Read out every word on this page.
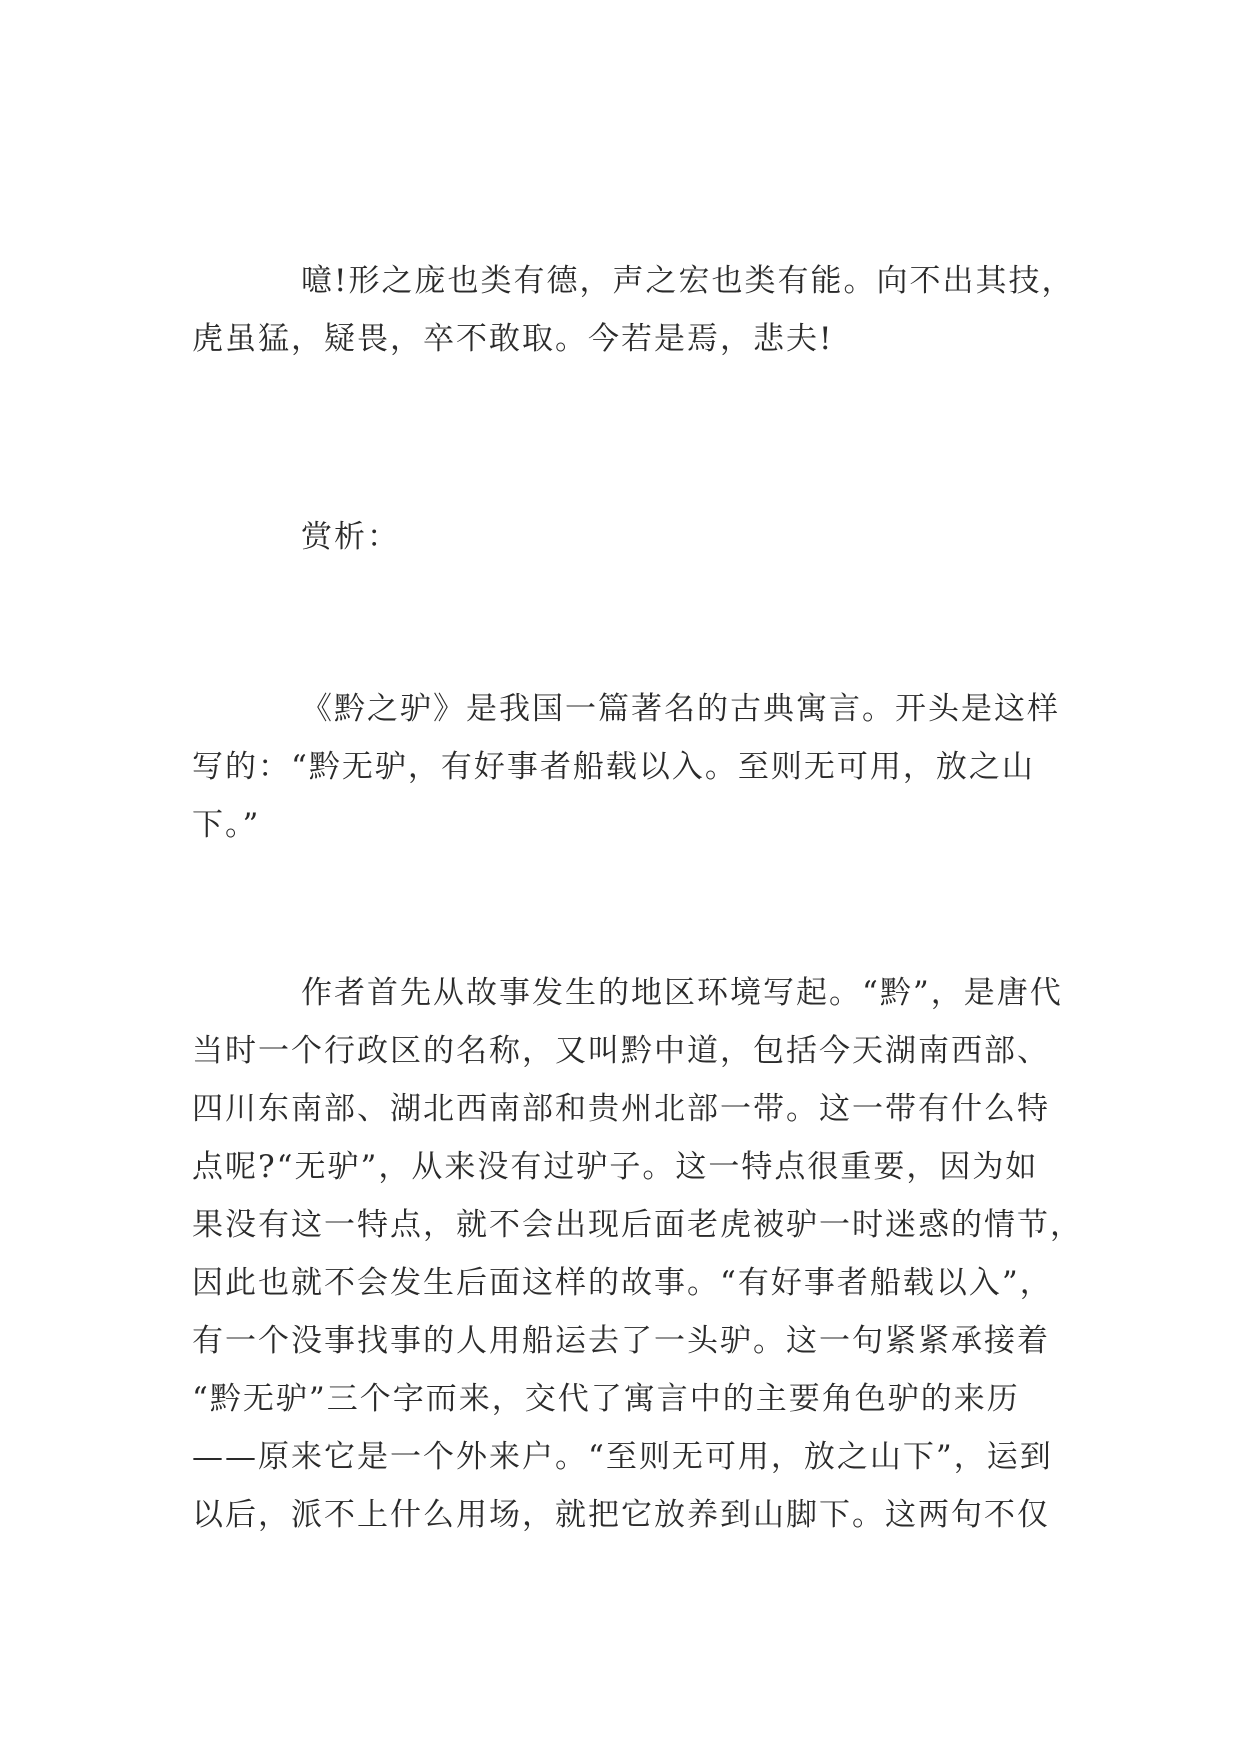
噫!形之庞也类有德，声之宏也类有能。向不出其技，
虎虽猛，疑畏，卒不敢取。今若是焉，悲夫!

赏析：

《黔之驴》是我国一篇著名的古典寓言。开头是这样
写的：“黔无驴，有好事者船载以入。至则无可用，放之山
下。”

作者首先从故事发生的地区环境写起。“黔”，是唐代
当时一个行政区的名称，又叫黔中道，包括今天湖南西部、
四川东南部、湖北西南部和贵州北部一带。这一带有什么特
点呢?“无驴”，从来没有过驴子。这一特点很重要，因为如
果没有这一特点，就不会出现后面老虎被驴一时迷惑的情节，
因此也就不会发生后面这样的故事。“有好事者船载以入”，
有一个没事找事的人用船运去了一头驴。这一句紧紧承接着
“黔无驴”三个字而来，交代了寓言中的主要角色驴的来历
——原来它是一个外来户。“至则无可用，放之山下”，运到
以后，派不上什么用场，就把它放养到山脚下。这两句不仅
